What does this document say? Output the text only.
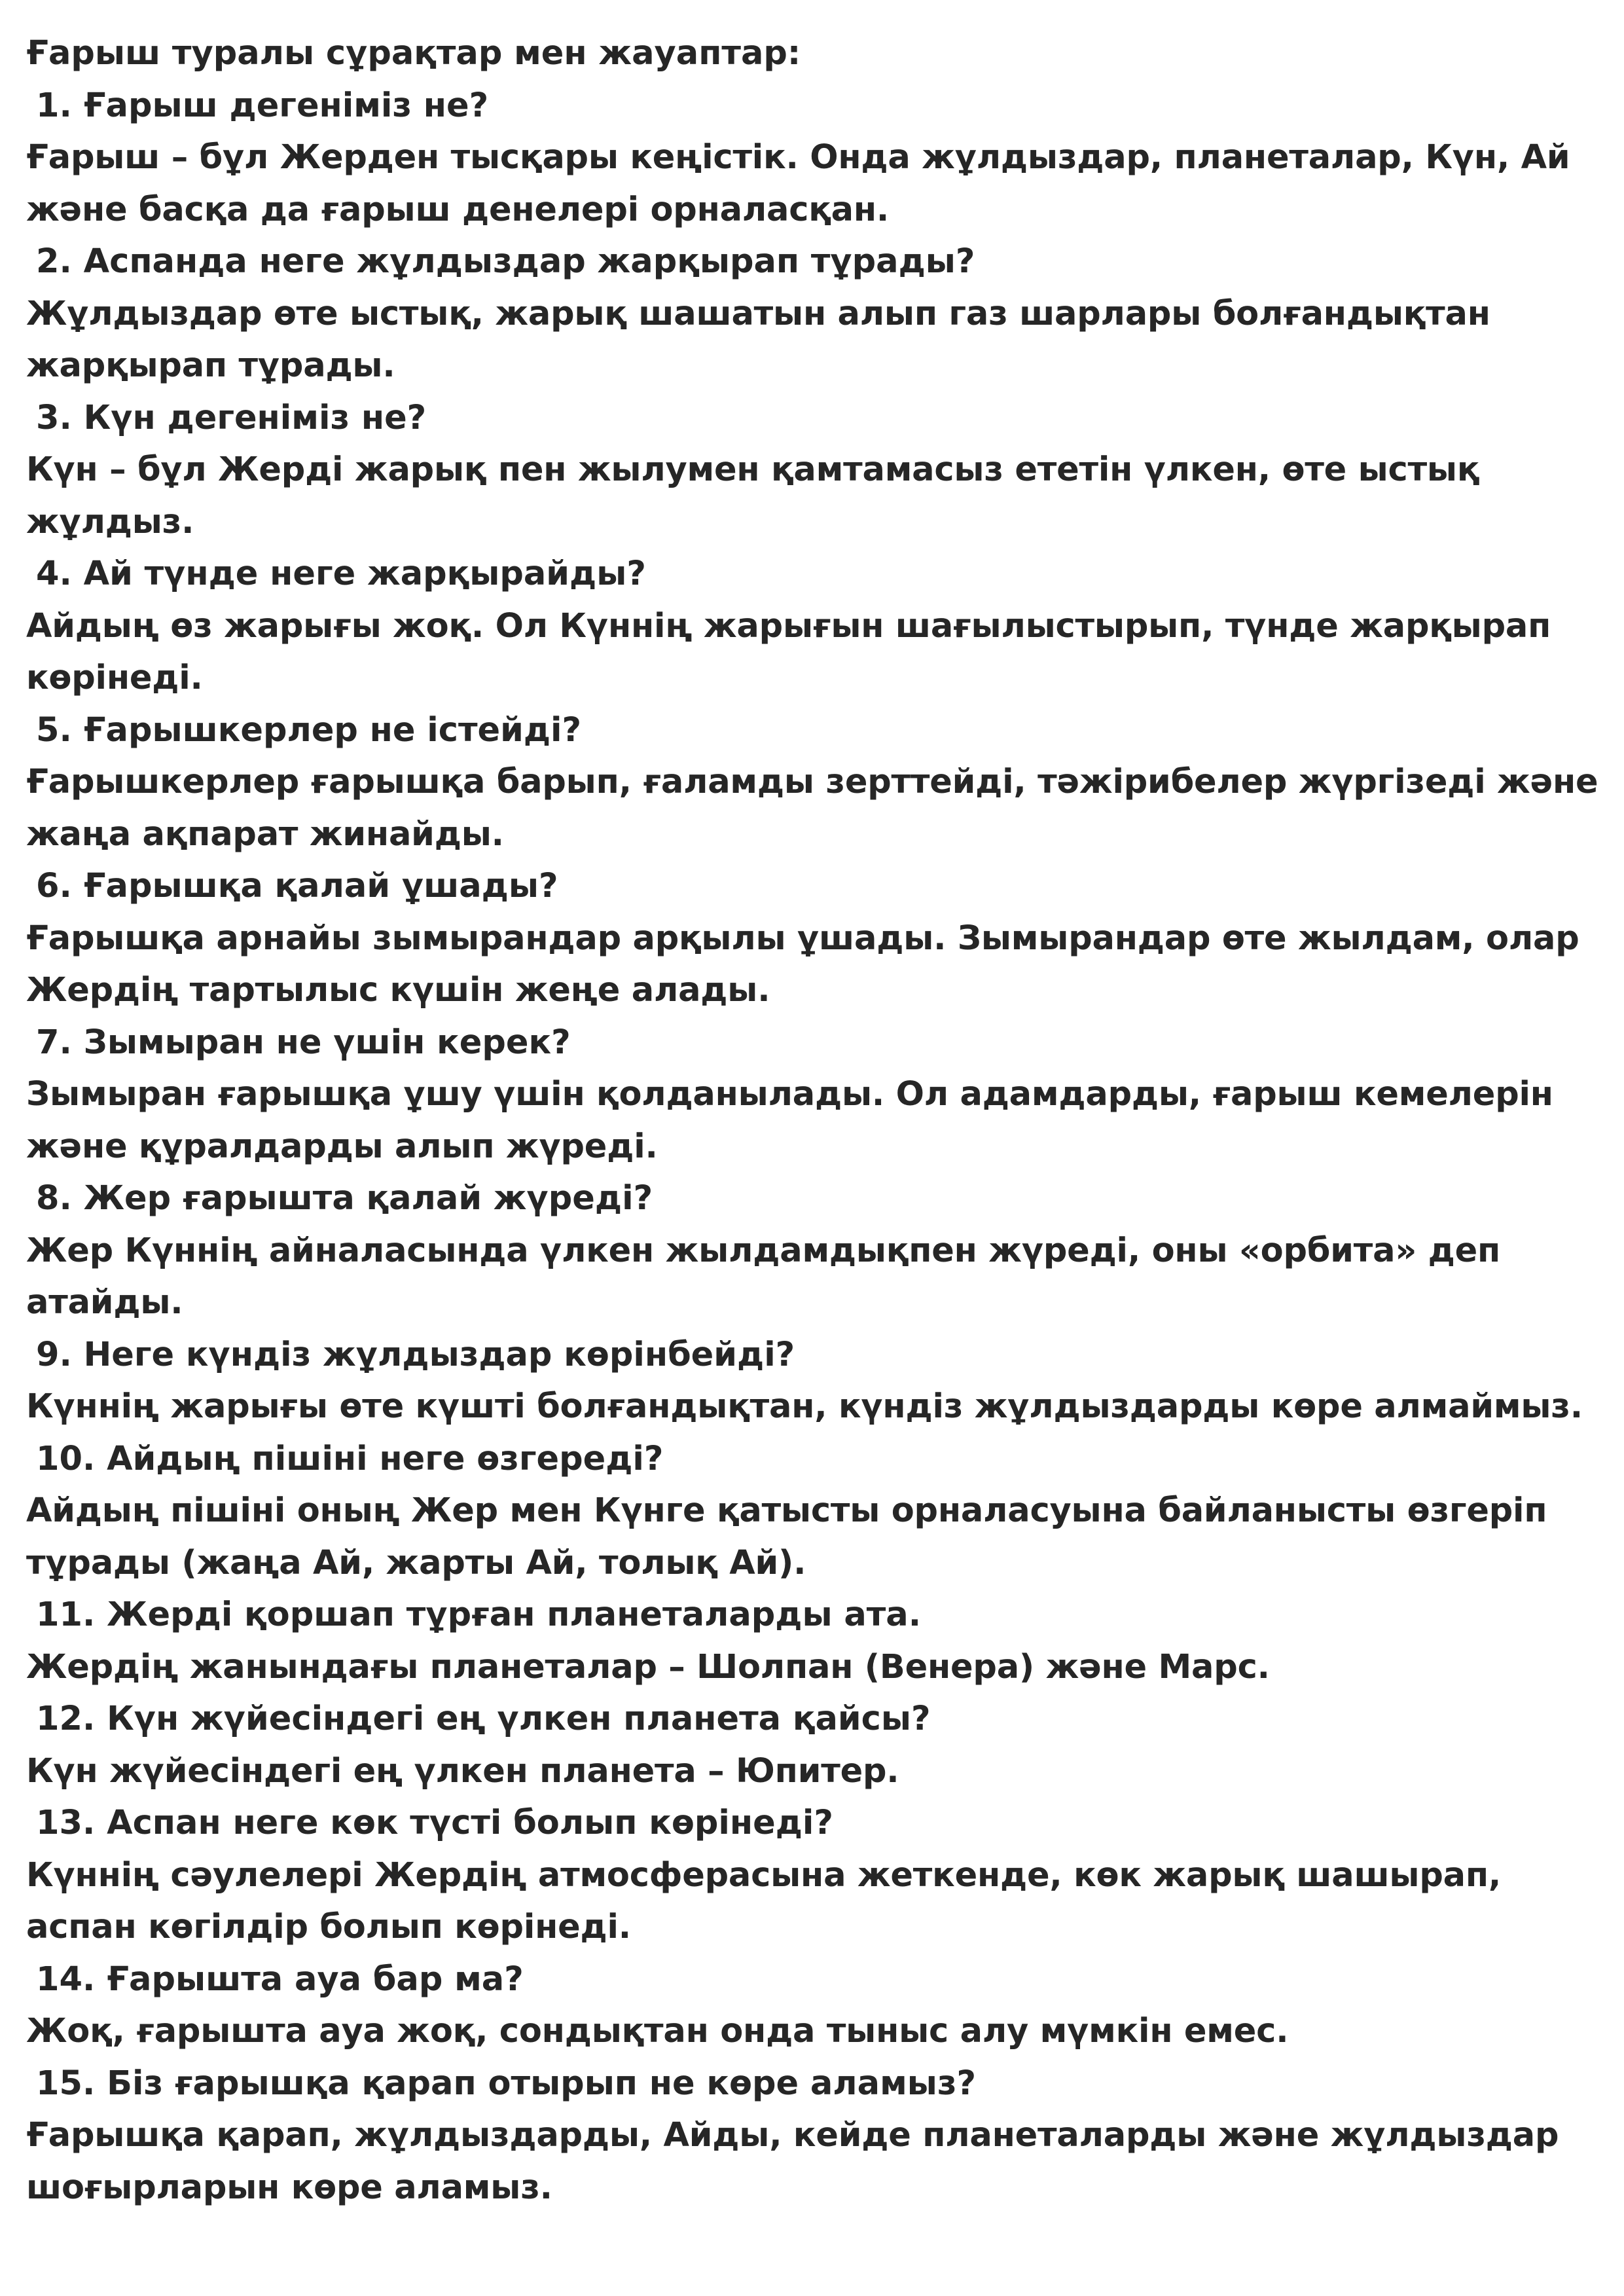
Ғарыш туралы сұрақтар мен жауаптар:

1. Ғарыш дегеніміз не?

Ғарыш – бұл Жерден тысқары кеңістік. Онда жұлдыздар, планеталар, Күн, Ай және басқа да ғарыш денелері орналасқан.

2. Аспанда неге жұлдыздар жарқырап тұрады?

Жұлдыздар өте ыстық, жарық шашатын алып газ шарлары болғандықтан жарқырап тұрады.

3. Күн дегеніміз не?

Күн – бұл Жерді жарық пен жылумен қамтамасыз ететін үлкен, өте ыстық жұлдыз.

4. Ай түнде неге жарқырайды?

Айдың өз жарығы жоқ. Ол Күннің жарығын шағылыстырып, түнде жарқырап көрінеді.

5. Ғарышкерлер не істейді?

Ғарышкерлер ғарышқа барып, ғаламды зерттейді, тәжірибелер жүргізеді және жаңа ақпарат жинайды.

6. Ғарышқа қалай ұшады?

Ғарышқа арнайы зымырандар арқылы ұшады. Зымырандар өте жылдам, олар Жердің тартылыс күшін жеңе алады.

7. Зымыран не үшін керек?

Зымыран ғарышқа ұшу үшін қолданылады. Ол адамдарды, ғарыш кемелерін және құралдарды алып жүреді.

8. Жер ғарышта қалай жүреді?

Жер Күннің айналасында үлкен жылдамдықпен жүреді, оны «орбита» деп атайды.

9. Неге күндіз жұлдыздар көрінбейді?

Күннің жарығы өте күшті болғандықтан, күндіз жұлдыздарды көре алмаймыз.

10. Айдың пішіні неге өзгереді?

Айдың пішіні оның Жер мен Күнге қатысты орналасуына байланысты өзгеріп тұрады (жаңа Ай, жарты Ай, толық Ай).

11. Жерді қоршап тұрған планеталарды ата.

Жердің жанындағы планеталар – Шолпан (Венера) және Марс.

12. Күн жүйесіндегі ең үлкен планета қайсы?

Күн жүйесіндегі ең үлкен планета – Юпитер.

13. Аспан неге көк түсті болып көрінеді?

Күннің сәулелері Жердің атмосферасына жеткенде, көк жарық шашырап, аспан көгілдір болып көрінеді.

14. Ғарышта ауа бар ма?

Жоқ, ғарышта ауа жоқ, сондықтан онда тыныс алу мүмкін емес.

15. Біз ғарышқа қарап отырып не көре аламыз?

Ғарышқа қарап, жұлдыздарды, Айды, кейде планеталарды және жұлдыздар шоғырларын көре аламыз.
